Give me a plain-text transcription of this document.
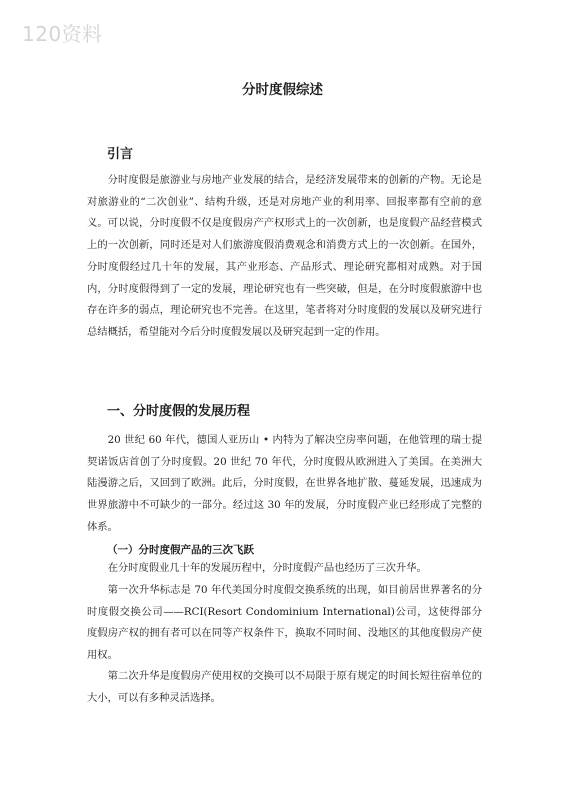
120资料
分时度假综述
引言

分时度假是旅游业与房地产业发展的结合，是经济发展带来的创新的产物。无论是对旅游业的“二次创业”、结构升级，还是对房地产业的利用率、回报率都有空前的意义。可以说，分时度假不仅是度假房产产权形式上的一次创新，也是度假产品经营模式上的一次创新，同时还是对人们旅游度假消费观念和消费方式上的一次创新。在国外，分时度假经过几十年的发展，其产业形态、产品形式、理论研究都相对成熟。对于国内，分时度假得到了一定的发展，理论研究也有一些突破，但是，在分时度假旅游中也存在许多的弱点，理论研究也不完善。在这里，笔者将对分时度假的发展以及研究进行总结概括，希望能对今后分时度假发展以及研究起到一定的作用。

一、分时度假的发展历程

20 世纪 60 年代，德国人亚历山 • 内特为了解决空房率问题，在他管理的瑞士提契诺饭店首创了分时度假。20 世纪 70 年代，分时度假从欧洲进入了美国。在美洲大陆漫游之后，又回到了欧洲。此后，分时度假，在世界各地扩散、蔓延发展，迅速成为世界旅游中不可缺少的一部分。经过这 30 年的发展，分时度假产业已经形成了完整的体系。

（一）分时度假产品的三次飞跃

在分时度假业几十年的发展历程中，分时度假产品也经历了三次升华。

第一次升华标志是 70 年代美国分时度假交换系统的出现，如目前居世界著名的分时度假交换公司——RCI(Resort Condominium International)公司，这使得部分度假房产权的拥有者可以在同等产权条件下，换取不同时间、没地区的其他度假房产使用权。

第二次升华是度假房产使用权的交换可以不局限于原有规定的时间长短往宿单位的大小，可以有多种灵活选择。
